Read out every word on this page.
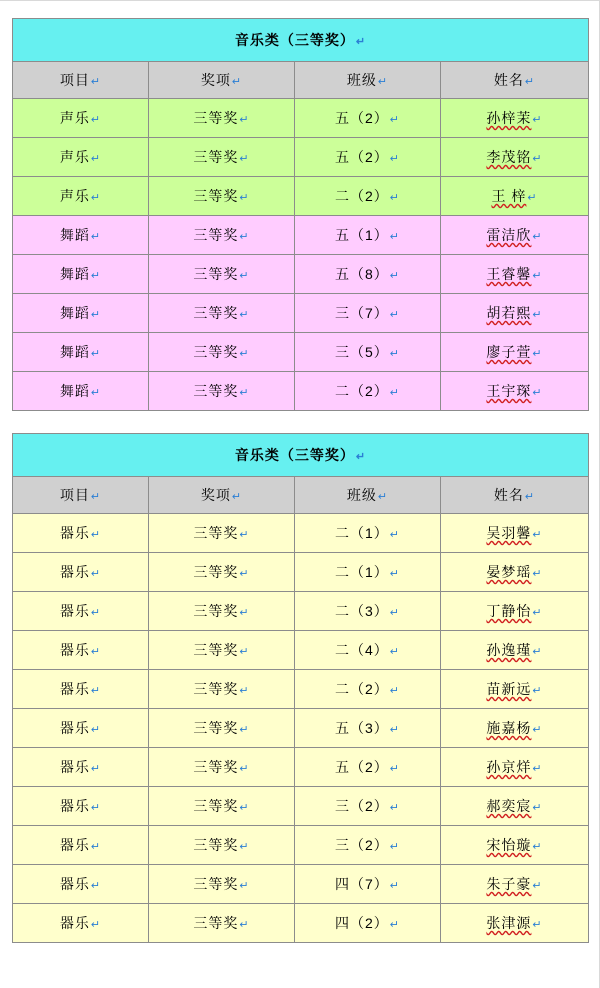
音乐类（三等奖）↵			
项目↵	奖项↵	班级↵	姓名↵
声乐↵	三等奖↵	五（2）↵	孙梓茉↵
声乐↵	三等奖↵	五（2）↵	李茂铭↵
声乐↵	三等奖↵	二（2）↵	王 梓↵
舞蹈↵	三等奖↵	五（1）↵	雷洁欣↵
舞蹈↵	三等奖↵	五（8）↵	王睿馨↵
舞蹈↵	三等奖↵	三（7）↵	胡若熙↵
舞蹈↵	三等奖↵	三（5）↵	廖子萱↵
舞蹈↵	三等奖↵	二（2）↵	王宇琛↵
音乐类（三等奖）↵			
项目↵	奖项↵	班级↵	姓名↵
器乐↵	三等奖↵	二（1）↵	吴羽馨↵
器乐↵	三等奖↵	二（1）↵	晏梦瑶↵
器乐↵	三等奖↵	二（3）↵	丁静怡↵
器乐↵	三等奖↵	二（4）↵	孙逸瑾↵
器乐↵	三等奖↵	二（2）↵	苗新远↵
器乐↵	三等奖↵	五（3）↵	施嘉杨↵
器乐↵	三等奖↵	五（2）↵	孙京烊↵
器乐↵	三等奖↵	三（2）↵	郝奕宸↵
器乐↵	三等奖↵	三（2）↵	宋怡璇↵
器乐↵	三等奖↵	四（7）↵	朱子豪↵
器乐↵	三等奖↵	四（2）↵	张津源↵
